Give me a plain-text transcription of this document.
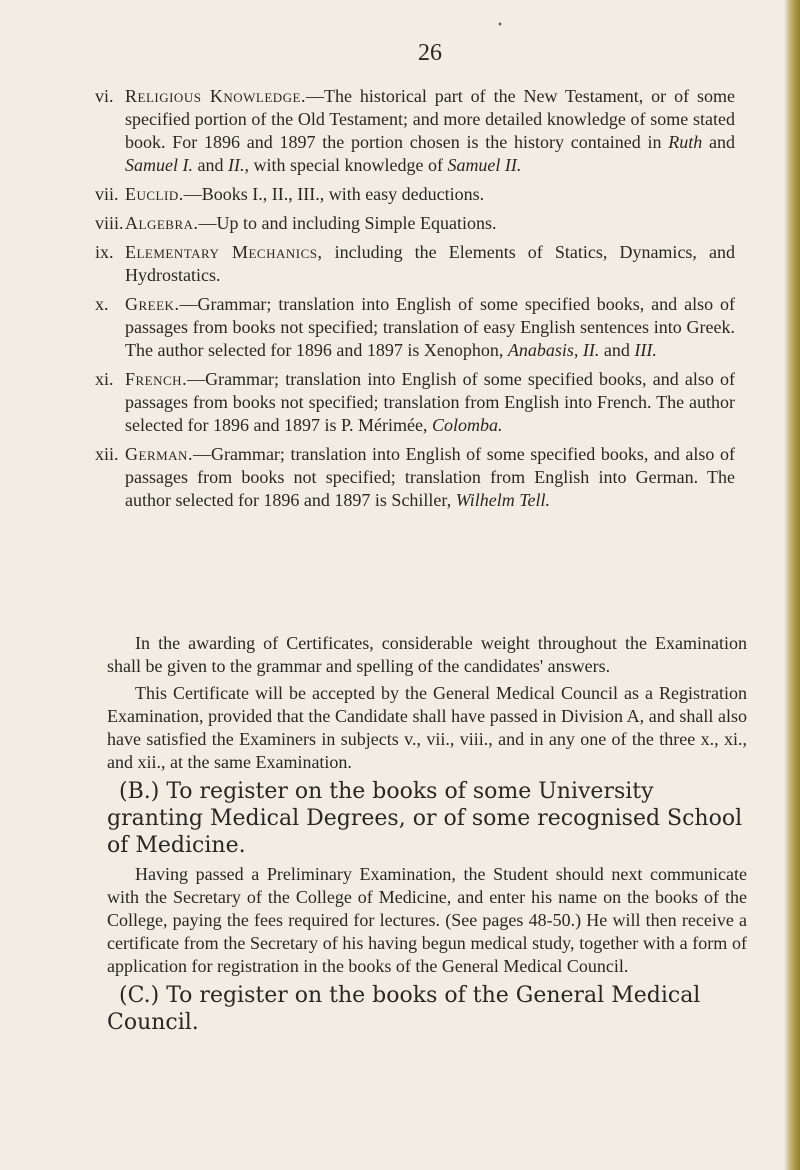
•
26
vi. Religious Knowledge.—The historical part of the New Testament, or of some specified portion of the Old Testament; and more detailed knowledge of some stated book. For 1896 and 1897 the portion chosen is the history contained in Ruth and Samuel I. and II., with special knowledge of Samuel II.
vii. Euclid.—Books I., II., III., with easy deductions.
viii. Algebra.—Up to and including Simple Equations.
ix. Elementary Mechanics, including the Elements of Statics, Dynamics, and Hydrostatics.
x. Greek.—Grammar; translation into English of some specified books, and also of passages from books not specified; translation of easy English sentences into Greek. The author selected for 1896 and 1897 is Xenophon, Anabasis, II. and III.
xi. French.—Grammar; translation into English of some specified books, and also of passages from books not specified; translation from English into French. The author selected for 1896 and 1897 is P. Mérimée, Colomba.
xii. German.—Grammar; translation into English of some specified books, and also of passages from books not specified; translation from English into German. The author selected for 1896 and 1897 is Schiller, Wilhelm Tell.

In the awarding of Certificates, considerable weight throughout the Examination shall be given to the grammar and spelling of the candidates' answers.

This Certificate will be accepted by the General Medical Council as a Registration Examination, provided that the Candidate shall have passed in Division A, and shall also have satisfied the Examiners in subjects v., vii., viii., and in any one of the three x., xi., and xii., at the same Examination.

(B.) To register on the books of some University granting Medical Degrees, or of some recognised School of Medicine.

Having passed a Preliminary Examination, the Student should next communicate with the Secretary of the College of Medicine, and enter his name on the books of the College, paying the fees required for lectures. (See pages 48-50.) He will then receive a certificate from the Secretary of his having begun medical study, together with a form of application for registration in the books of the General Medical Council.

(C.) To register on the books of the General Medical Council.
